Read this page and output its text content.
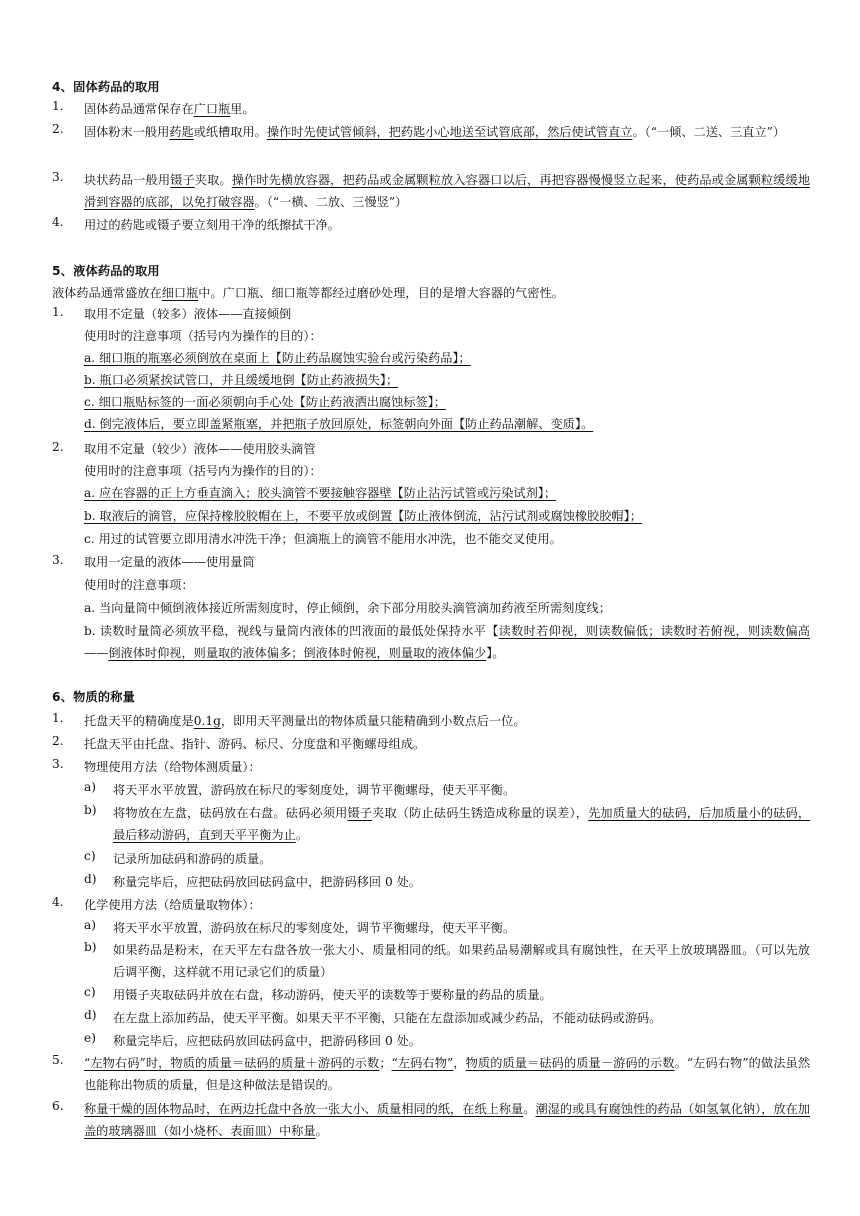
4、固体药品的取用
1. 固体药品通常保存在广口瓶里。
2. 固体粉末一般用药匙或纸槽取用。操作时先使试管倾斜，把药匙小心地送至试管底部，然后使试管直立。（“一倾、二送、三直立”）
3. 块状药品一般用镊子夹取。操作时先横放容器，把药品或金属颗粒放入容器口以后，再把容器慢慢竖立起来，使药品或金属颗粒缓缓地滑到容器的底部，以免打破容器。（“一横、二放、三慢竖”）
4. 用过的药匙或镊子要立刻用干净的纸擦拭干净。
5、液体药品的取用
液体药品通常盛放在细口瓶中。广口瓶、细口瓶等都经过磨砂处理，目的是增大容器的气密性。
1. 取用不定量（较多）液体——直接倾倒
使用时的注意事项（括号内为操作的目的）：
a. 细口瓶的瓶塞必须倒放在桌面上【防止药品腐蚀实验台或污染药品】；
b. 瓶口必须紧挨试管口，并且缓缓地倒【防止药液损失】；
c. 细口瓶贴标签的一面必须朝向手心处【防止药液洒出腐蚀标签】；
d. 倒完液体后，要立即盖紧瓶塞，并把瓶子放回原处，标签朝向外面【防止药品潮解、变质】。
2. 取用不定量（较少）液体——使用胶头滴管
使用时的注意事项（括号内为操作的目的）：
a. 应在容器的正上方垂直滴入；胶头滴管不要接触容器壁【防止沾污试管或污染试剂】；
b. 取液后的滴管，应保持橡胶胶帽在上，不要平放或倒置【防止液体倒流，沾污试剂或腐蚀橡胶胶帽】；
c. 用过的试管要立即用清水冲洗干净；但滴瓶上的滴管不能用水冲洗，也不能交叉使用。
3. 取用一定量的液体——使用量筒
使用时的注意事项：
a. 当向量筒中倾倒液体接近所需刻度时，停止倾倒，余下部分用胶头滴管滴加药液至所需刻度线；
b. 读数时量筒必须放平稳，视线与量筒内液体的凹液面的最低处保持水平【读数时若仰视，则读数偏低；读数时若俯视，则读数偏高——倒液体时仰视，则量取的液体偏多；倒液体时俯视，则量取的液体偏少】。
6、物质的称量
1. 托盘天平的精确度是0.1g，即用天平测量出的物体质量只能精确到小数点后一位。
2. 托盘天平由托盘、指针、游码、标尺、分度盘和平衡螺母组成。
3. 物理使用方法（给物体测质量）：
a) 将天平水平放置，游码放在标尺的零刻度处，调节平衡螺母，使天平平衡。
b) 将物放在左盘，砝码放在右盘。砝码必须用镊子夹取（防止砝码生锈造成称量的误差），先加质量大的砝码，后加质量小的砝码，最后移动游码，直到天平平衡为止。
c) 记录所加砝码和游码的质量。
d) 称量完毕后，应把砝码放回砝码盒中，把游码移回 0 处。
4. 化学使用方法（给质量取物体）：
a) 将天平水平放置，游码放在标尺的零刻度处，调节平衡螺母，使天平平衡。
b) 如果药品是粉末，在天平左右盘各放一张大小、质量相同的纸。如果药品易潮解或具有腐蚀性，在天平上放玻璃器皿。（可以先放后调平衡，这样就不用记录它们的质量）
c) 用镊子夹取砝码并放在右盘，移动游码，使天平的读数等于要称量的药品的质量。
d) 在左盘上添加药品，使天平平衡。如果天平不平衡，只能在左盘添加或减少药品，不能动砝码或游码。
e) 称量完毕后，应把砝码放回砝码盒中，把游码移回 0 处。
5. “左物右码”时，物质的质量＝砝码的质量＋游码的示数；“左码右物”，物质的质量＝砝码的质量－游码的示数。“左码右物”的做法虽然也能称出物质的质量，但是这种做法是错误的。
6. 称量干燥的固体物品时，在两边托盘中各放一张大小、质量相同的纸，在纸上称量。潮湿的或具有腐蚀性的药品（如氢氧化钠），放在加盖的玻璃器皿（如小烧杯、表面皿）中称量。
